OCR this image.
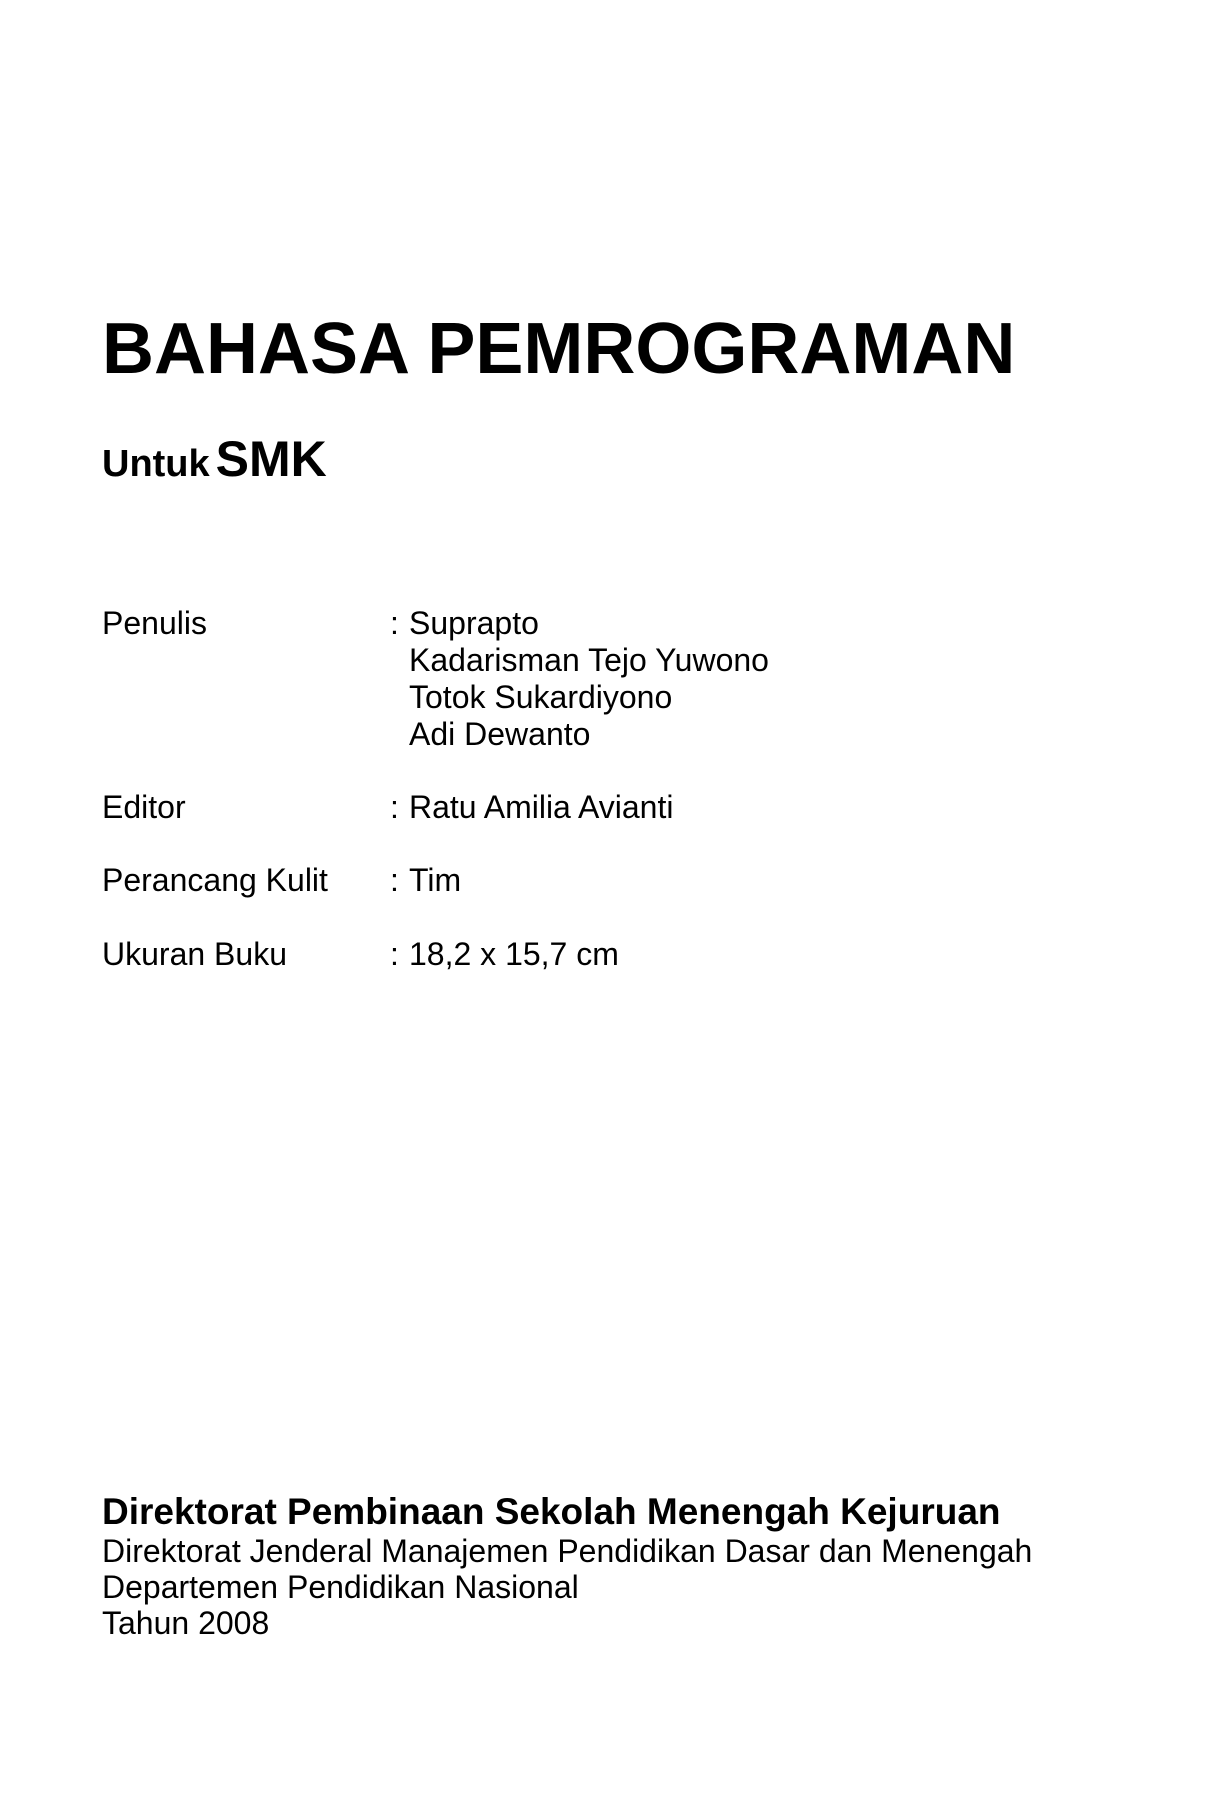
BAHASA PEMROGRAMAN
Untuk SMK
Penulis	: Suprapto
Kadarisman Tejo Yuwono
Totok Sukardiyono
Adi Dewanto
Editor	: Ratu Amilia Avianti
Perancang Kulit : Tim
Ukuran Buku	: 18,2 x 15,7 cm
Direktorat Pembinaan Sekolah Menengah Kejuruan
Direktorat Jenderal Manajemen Pendidikan Dasar dan Menengah
Departemen Pendidikan Nasional
Tahun 2008
